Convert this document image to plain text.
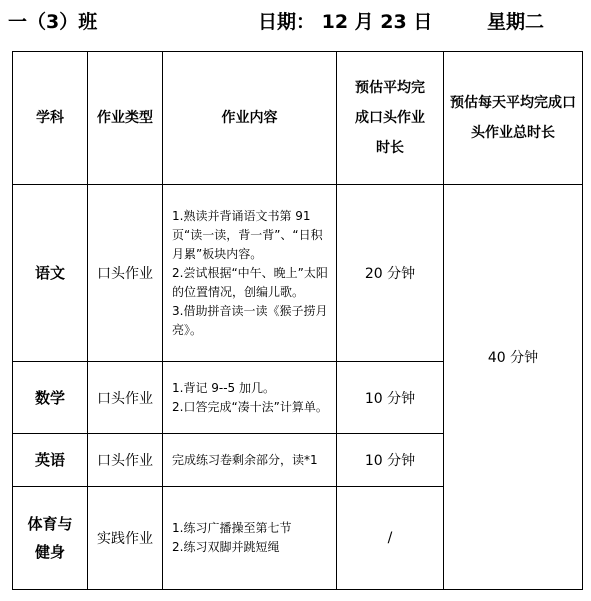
一（3）班	日期： 12 月 23 日	星期二
学科	作业类型	作业内容	预估平均完成口头作业时长	预估每天平均完成口头作业总时长
语文	口头作业	1.熟读并背诵语文书第 91 页“读一读，背一背”、“日积月累”板块内容。
2.尝试根据“中午、晚上”太阳的位置情况，创编儿歌。
3.借助拼音读一读《猴子捞月亮》。	20 分钟	40 分钟
数学	口头作业	1.背记 9--5 加几。
2.口答完成“凑十法”计算单。	10 分钟	
英语	口头作业	完成练习卷剩余部分，读*1	10 分钟	
体育与健身	实践作业	1.练习广播操至第七节
2.练习双脚并跳短绳	/	
